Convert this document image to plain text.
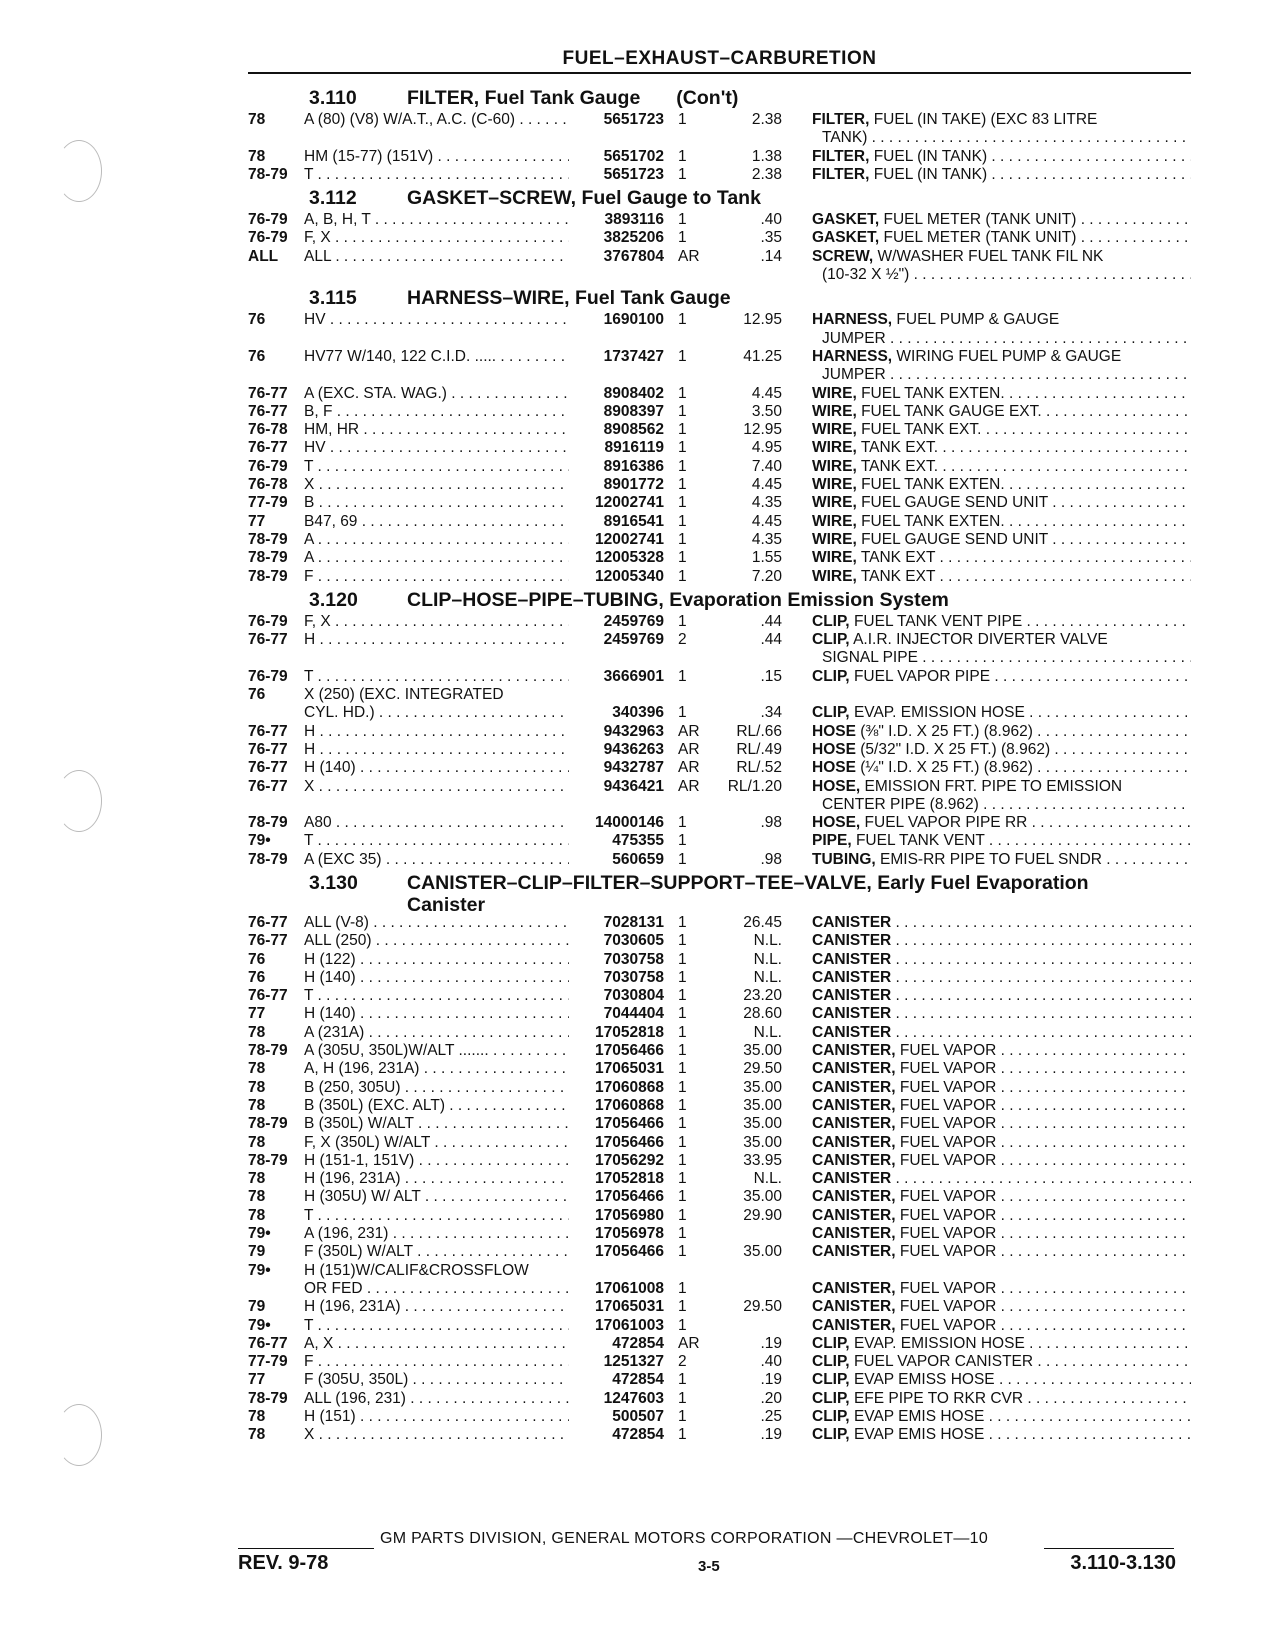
FUEL–EXHAUST–CARBURETION
3.110	FILTER, Fuel Tank Gauge (Con't)
78	A (80) (V8) W/A.T., A.C. (C-60) . . . .	5651723 1	2.38	FILTER, FUEL (IN TAKE) (EXC 83 LITRE
TANK) . . .
78	HM (15-77) (151V) . . .	5651702 1	1.38	FILTER, FUEL (IN TANK) . . .
78-79	T . . .	5651723 1	2.38	FILTER, FUEL (IN TANK) . . .
3.112	GASKET–SCREW, Fuel Gauge to Tank
76-79	A, B, H, T . . .	3893116 1	.40	GASKET, FUEL METER (TANK UNIT) . . .
76-79	F, X . . .	3825206 1	.35	GASKET, FUEL METER (TANK UNIT) . . .
ALL	ALL . . .	3767804 AR	.14	SCREW, W/WASHER FUEL TANK FIL NK
(10-32 X ½") . . .
3.115	HARNESS–WIRE, Fuel Tank Gauge
76	HV . . .	1690100 1	12.95	HARNESS, FUEL PUMP & GAUGE
JUMPER . . .
76	HV77 W/140, 122 C.I.D. ..... . . .	1737427 1	41.25	HARNESS, WIRING FUEL PUMP & GAUGE
JUMPER . . .
76-77	A (EXC. STA. WAG.) . . .	8908402 1	4.45	WIRE, FUEL TANK EXTEN. . . .
76-77	B, F . . .	8908397 1	3.50	WIRE, FUEL TANK GAUGE EXT. . . .
76-78	HM, HR . . .	8908562 1	12.95	WIRE, FUEL TANK EXT. . . .
76-77	HV . . .	8916119 1	4.95	WIRE, TANK EXT. . . .
76-79	T . . .	8916386 1	7.40	WIRE, TANK EXT. . . .
76-78	X . . .	8901772 1	4.45	WIRE, FUEL TANK EXTEN. . . .
77-79	B . . .	12002741 1	4.35	WIRE, FUEL GAUGE SEND UNIT . . .
77	B47, 69 . . .	8916541 1	4.45	WIRE, FUEL TANK EXTEN. . . .
78-79	A . . .	12002741 1	4.35	WIRE, FUEL GAUGE SEND UNIT . . .
78-79	A . . .	12005328 1	1.55	WIRE, TANK EXT . . .
78-79	F . . .	12005340 1	7.20	WIRE, TANK EXT . . .
3.120	CLIP–HOSE–PIPE–TUBING, Evaporation Emission System
76-79	F, X . . .	2459769 1	.44	CLIP, FUEL TANK VENT PIPE . . .
76-77	H . . .	2459769 2	.44	CLIP, A.I.R. INJECTOR DIVERTER VALVE
SIGNAL PIPE . . .
76-79	T . . .	3666901 1	.15	CLIP, FUEL VAPOR PIPE . . .
76	X (250) (EXC. INTEGRATED
CYL. HD.) . . .	340396 1	.34	CLIP, EVAP. EMISSION HOSE . . .
76-77	H . . .	9432963 AR	RL/.66	HOSE (⅜" I.D. X 25 FT.) (8.962) . . .
76-77	H . . .	9436263 AR	RL/.49	HOSE (5/32" I.D. X 25 FT.) (8.962) . . .
76-77	H (140) . . .	9432787 AR	RL/.52	HOSE (¼" I.D. X 25 FT.) (8.962) . . .
76-77	X . . .	9436421 AR	RL/1.20	HOSE, EMISSION FRT. PIPE TO EMISSION
CENTER PIPE (8.962) . . .
78-79	A80 . . .	14000146 1	.98	HOSE, FUEL VAPOR PIPE RR . . .
79•	T . . .	475355 1	PIPE, FUEL TANK VENT . . .
78-79	A (EXC 35) . . .	560659 1	.98	TUBING, EMIS-RR PIPE TO FUEL SNDR . . .
3.130	CANISTER–CLIP–FILTER–SUPPORT–TEE–VALVE, Early Fuel Evaporation
Canister
76-77	ALL (V-8) . . .	7028131 1	26.45	CANISTER . . .
76-77	ALL (250) . . .	7030605 1	N.L.	CANISTER . . .
76	H (122) . . .	7030758 1	N.L.	CANISTER . . .
76	H (140) . . .	7030758 1	N.L.	CANISTER . . .
76-77	T . . .	7030804 1	23.20	CANISTER . . .
77	H (140) . . .	7044404 1	28.60	CANISTER . . .
78	A (231A) . . .	17052818 1	N.L.	CANISTER . . .
78-79	A (305U, 350L)W/ALT ....... . . .	17056466 1	35.00	CANISTER, FUEL VAPOR . . .
78	A, H (196, 231A) . . .	17065031 1	29.50	CANISTER, FUEL VAPOR . . .
78	B (250, 305U) . . .	17060868 1	35.00	CANISTER, FUEL VAPOR . . .
78	B (350L) (EXC. ALT) . . .	17060868 1	35.00	CANISTER, FUEL VAPOR . . .
78-79	B (350L) W/ALT . . .	17056466 1	35.00	CANISTER, FUEL VAPOR . . .
78	F, X (350L) W/ALT . . .	17056466 1	35.00	CANISTER, FUEL VAPOR . . .
78-79	H (151-1, 151V) . . .	17056292 1	33.95	CANISTER, FUEL VAPOR . . .
78	H (196, 231A) . . .	17052818 1	N.L.	CANISTER . . .
78	H (305U) W/ ALT . . .	17056466 1	35.00	CANISTER, FUEL VAPOR . . .
78	T . . .	17056980 1	29.90	CANISTER, FUEL VAPOR . . .
79•	A (196, 231) . . .	17056978 1	CANISTER, FUEL VAPOR . . .
79	F (350L) W/ALT . . .	17056466 1	35.00	CANISTER, FUEL VAPOR . . .
79•	H (151)W/CALIF&CROSSFLOW
OR FED . . .	17061008 1	CANISTER, FUEL VAPOR . . .
79	H (196, 231A) . . .	17065031 1	29.50	CANISTER, FUEL VAPOR . . .
79•	T . . .	17061003 1	CANISTER, FUEL VAPOR . . .
76-77	A, X . . .	472854 AR	.19	CLIP, EVAP. EMISSION HOSE . . .
77-79	F . . .	1251327 2	.40	CLIP, FUEL VAPOR CANISTER . . .
77	F (305U, 350L) . . .	472854 1	.19	CLIP, EVAP EMISS HOSE . . .
78-79	ALL (196, 231) . . .	1247603 1	.20	CLIP, EFE PIPE TO RKR CVR . . .
78	H (151) . . .	500507 1	.25	CLIP, EVAP EMIS HOSE . . .
78	X . . .	472854 1	.19	CLIP, EVAP EMIS HOSE . . .
GM PARTS DIVISION, GENERAL MOTORS CORPORATION —CHEVROLET—10
REV. 9-78	3-5	3.110-3.130
